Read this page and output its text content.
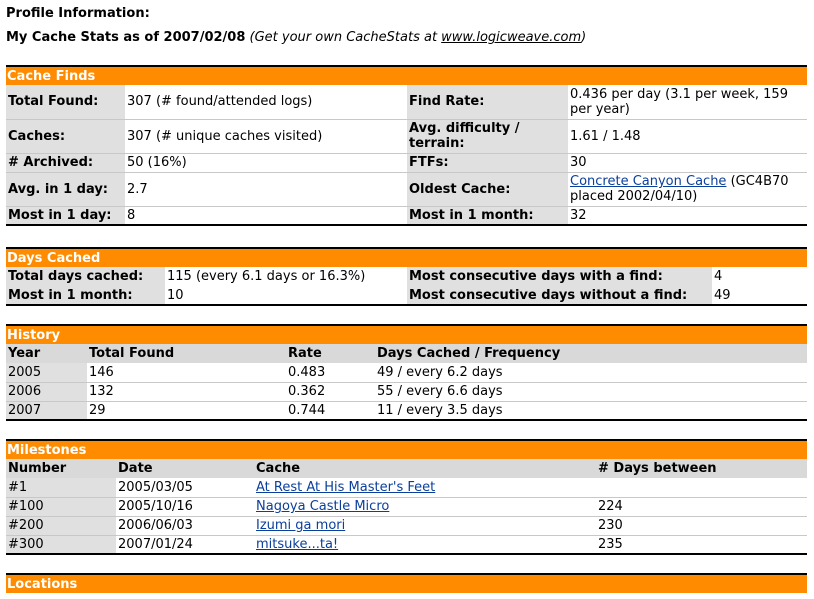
Profile Information:
My Cache Stats as of 2007/02/08 (Get your own CacheStats at www.logicweave.com)
Cache Finds
Total Found:	307 (# found/attended logs)	Find Rate:	0.436 per day (3.1 per week, 159 per year)
Caches:	307 (# unique caches visited)	Avg. difficulty / terrain:	1.61 / 1.48
# Archived:	50 (16%)	FTFs:	30
Avg. in 1 day:	2.7	Oldest Cache:	Concrete Canyon Cache (GC4B70 placed 2002/04/10)
Most in 1 day:	8	Most in 1 month:	32
Days Cached
Total days cached:	115 (every 6.1 days or 16.3%)	Most consecutive days with a find:	4
Most in 1 month:	10	Most consecutive days without a find:	49
History
Year	Total Found	Rate	Days Cached / Frequency
2005	146	0.483	49 / every 6.2 days
2006	132	0.362	55 / every 6.6 days
2007	29	0.744	11 / every 3.5 days
Milestones
Number	Date	Cache	# Days between
#1	2005/03/05	At Rest At His Master's Feet	
#100	2005/10/16	Nagoya Castle Micro	224
#200	2006/06/03	Izumi ga mori	230
#300	2007/01/24	mitsuke...ta!	235
Locations
